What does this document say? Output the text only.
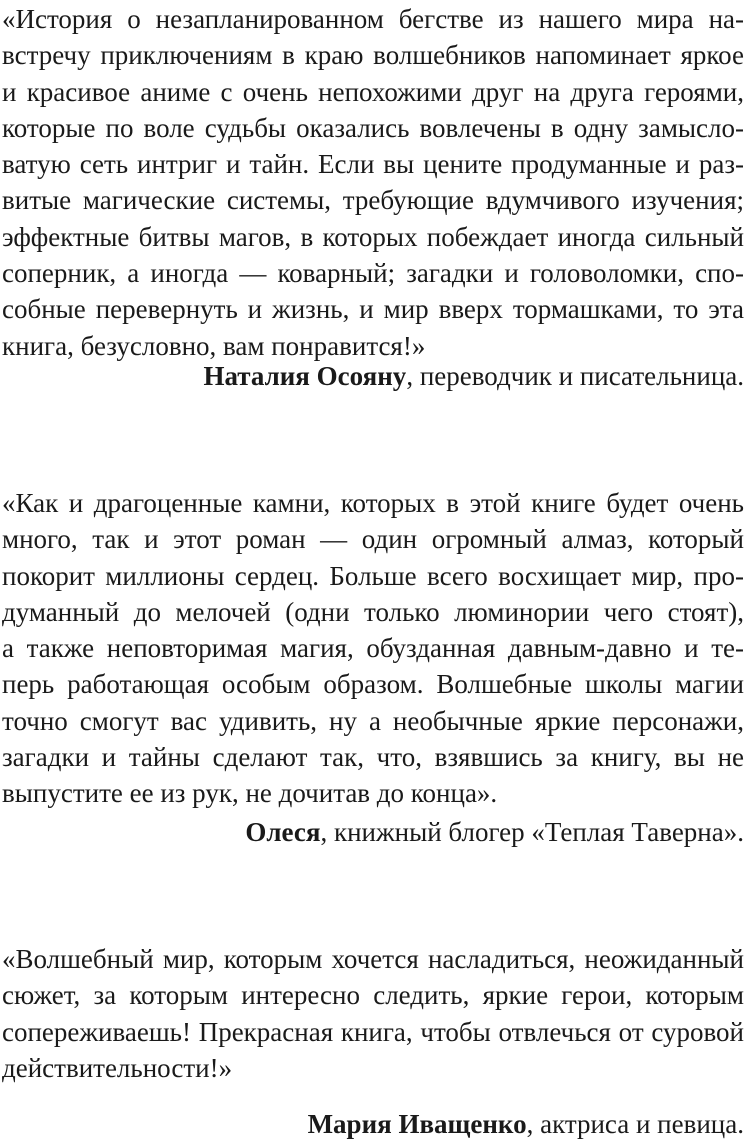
«История о незапланированном бегстве из нашего мира на-
встречу приключениям в краю волшебников напоминает яркое
и красивое аниме с очень непохожими друг на друга героями,
которые по воле судьбы оказались вовлечены в одну замысло-
ватую сеть интриг и тайн. Если вы цените продуманные и раз-
витые магические системы, требующие вдумчивого изучения;
эффектные битвы магов, в которых побеждает иногда сильный
соперник, а иногда — коварный; загадки и головоломки, спо-
собные перевернуть и жизнь, и мир вверх тормашками, то эта
книга, безусловно, вам понравится!»

Наталия Осояну, переводчик и писательница.

«Как и драгоценные камни, которых в этой книге будет очень
много, так и этот роман — один огромный алмаз, который
покорит миллионы сердец. Больше всего восхищает мир, про-
думанный до мелочей (одни только люминории чего стоят),
а также неповторимая магия, обузданная давным-давно и те-
перь работающая особым образом. Волшебные школы магии
точно смогут вас удивить, ну а необычные яркие персонажи,
загадки и тайны сделают так, что, взявшись за книгу, вы не
выпустите ее из рук, не дочитав до конца».

Олеся, книжный блогер «Теплая Таверна».

«Волшебный мир, которым хочется насладиться, неожиданный
сюжет, за которым интересно следить, яркие герои, которым
сопереживаешь! Прекрасная книга, чтобы отвлечься от суровой
действительности!»

Мария Иващенко, актриса и певица.
